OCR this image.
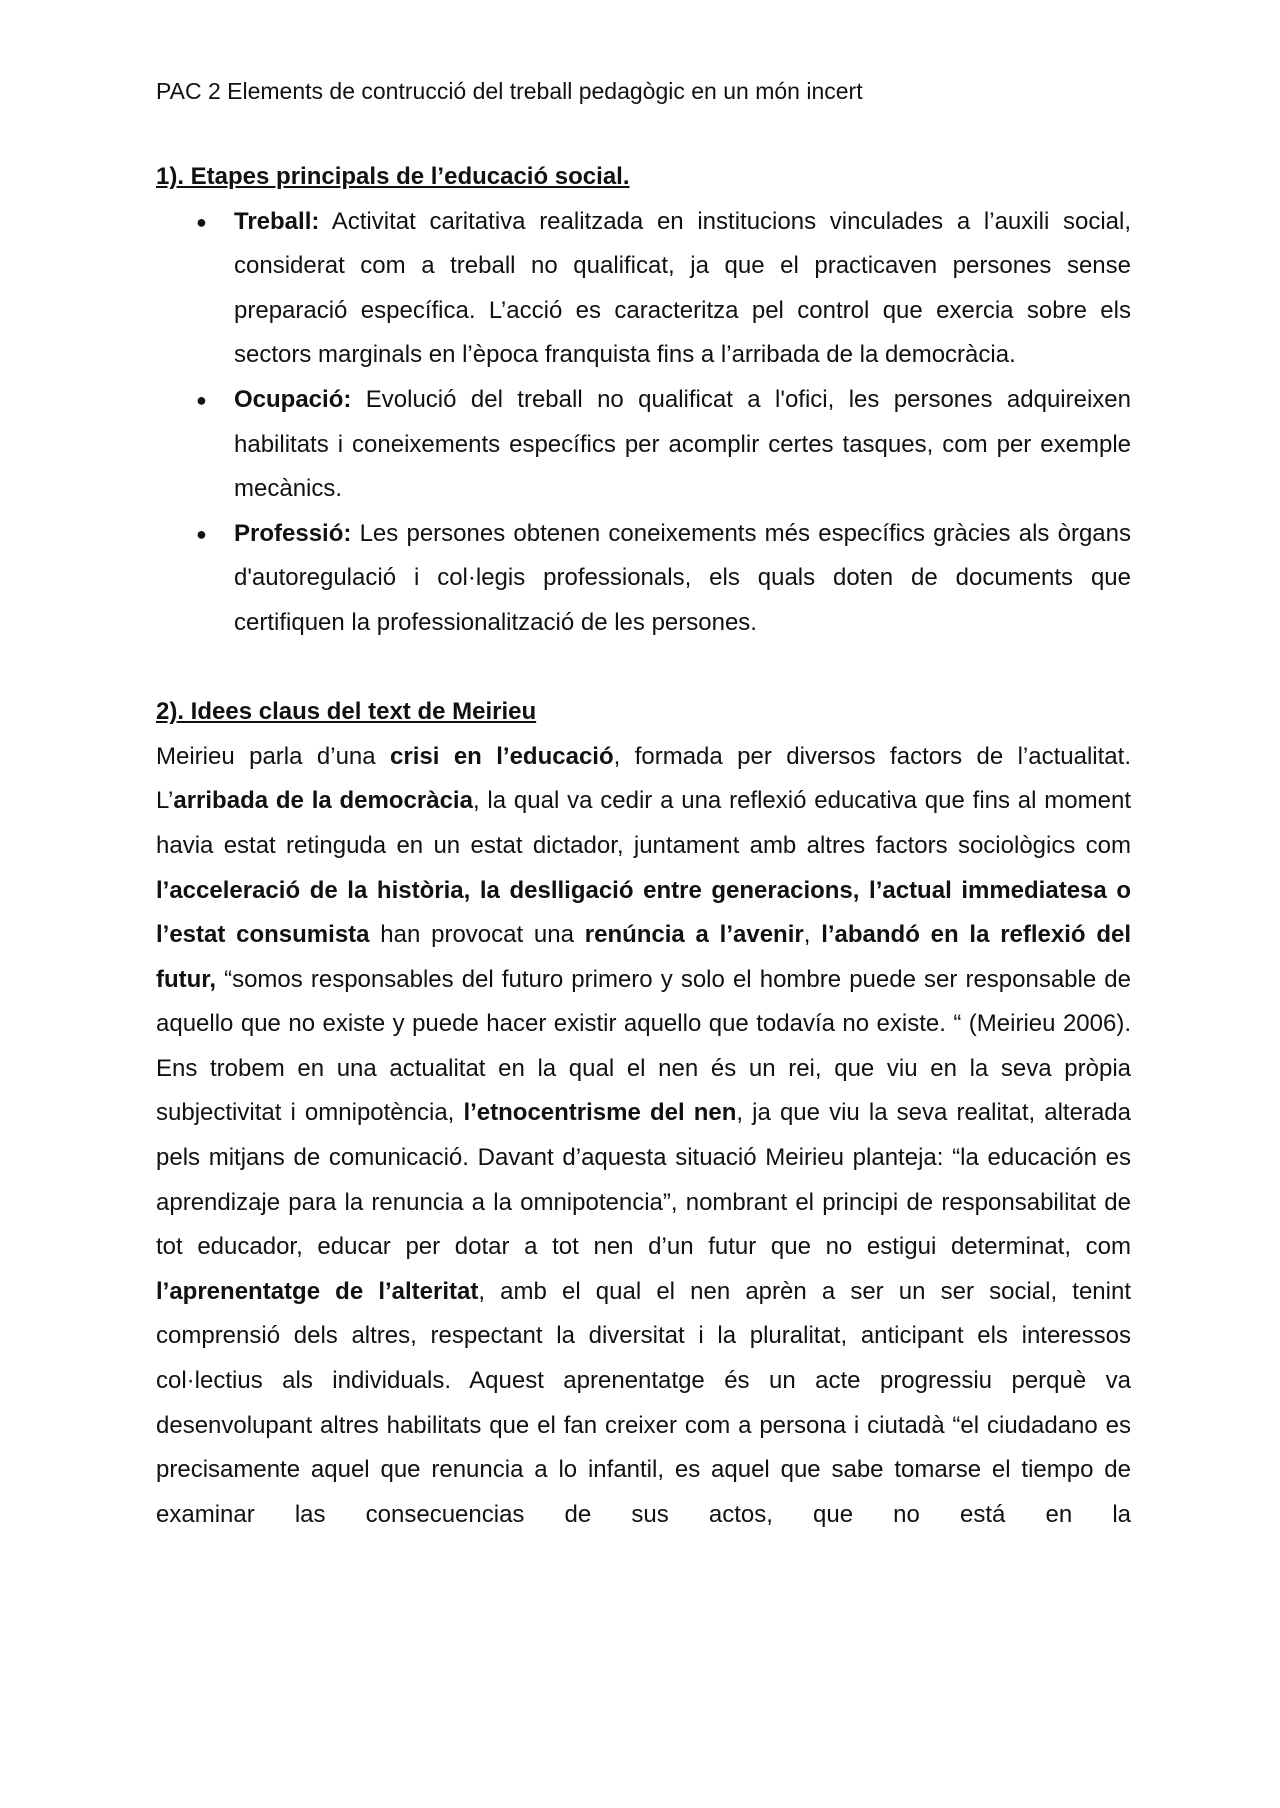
PAC 2 Elements de contrucció del treball pedagògic en un món incert
1). Etapes principals de l’educació social.
● Treball: Activitat caritativa realitzada en institucions vinculades a l’auxili social, considerat com a treball no qualificat, ja que el practicaven persones sense preparació específica. L’acció es caracteritza pel control que exercia sobre els sectors marginals en l’època franquista fins a l’arribada de la democràcia.
● Ocupació: Evolució del treball no qualificat a l'ofici, les persones adquireixen habilitats i coneixements específics per acomplir certes tasques, com per exemple mecànics.
● Professió: Les persones obtenen coneixements més específics gràcies als òrgans d'autoregulació i col·legis professionals, els quals doten de documents que certifiquen la professionalització de les persones.
2). Idees claus del text de Meirieu

Meirieu parla d’una crisi en l’educació, formada per diversos factors de l’actualitat. L’arribada de la democràcia, la qual va cedir a una reflexió educativa que fins al moment havia estat retinguda en un estat dictador, juntament amb altres factors sociològics com l’acceleració de la història, la deslligació entre generacions, l’actual immediatesa o l’estat consumista han provocat una renúncia a l’avenir, l’abandó en la reflexió del futur, “somos responsables del futuro primero y solo el hombre puede ser responsable de aquello que no existe y puede hacer existir aquello que todavía no existe. “ (Meirieu 2006). Ens trobem en una actualitat en la qual el nen és un rei, que viu en la seva pròpia subjectivitat i omnipotència, l’etnocentrisme del nen, ja que viu la seva realitat, alterada pels mitjans de comunicació. Davant d’aquesta situació Meirieu planteja: “la educación es aprendizaje para la renuncia a la omnipotencia”, nombrant el principi de responsabilitat de tot educador, educar per dotar a tot nen d’un futur que no estigui determinat, com l’aprenentatge de l’alteritat, amb el qual el nen aprèn a ser un ser social, tenint comprensió dels altres, respectant la diversitat i la pluralitat, anticipant els interessos col·lectius als individuals. Aquest aprenentatge és un acte progressiu perquè va desenvolupant altres habilitats que el fan creixer com a persona i ciutadà “el ciudadano es precisamente aquel que renuncia a lo infantil, es aquel que sabe tomarse el tiempo de examinar las consecuencias de sus actos, que no está en la
